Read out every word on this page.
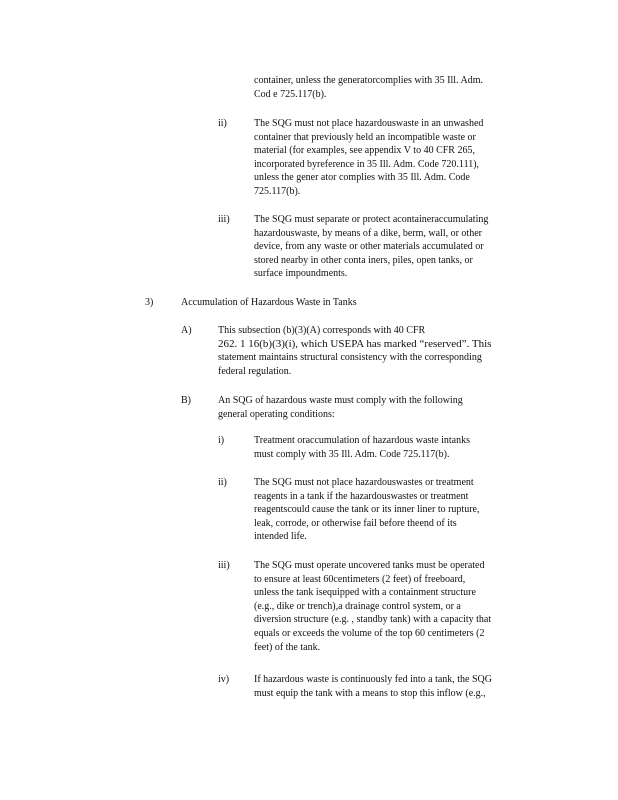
container, unless the generatorcomplies with 35 Ill. Adm.
Cod e 725.117(b).
ii)	The SQG must not place hazardouswaste in an unwashed
container that previously held an incompatible waste or
material (for examples, see appendix V to 40 CFR 265,
incorporated byreference in 35 Ill. Adm. Code 720.111),
unless the gener ator complies with 35 Ill. Adm. Code
725.117(b).
iii) The SQG must separate or protect acontaineraccumulating
hazardouswaste, by means of a dike, berm, wall, or other
device, from any waste or other materials accumulated or
stored nearby in other conta iners, piles, open tanks, or
surface impoundments.
3)	Accumulation of Hazardous Waste in Tanks
A)	This subsection (b)(3)(A) corresponds with 40 CFR
262. 1 16(b)(3)(i), which USEPA has marked “reserved”. This
statement maintains structural consistency with the corresponding
federal regulation.
B)	An SQG of hazardous waste must comply with the following
general operating conditions:
i)	Treatment oraccumulation of hazardous waste intanks
must comply with 35 Ill. Adm. Code 725.117(b).
ii)	The SQG must not place hazardouswastes or treatment
reagents in a tank if the hazardouswastes or treatment
reagentscould cause the tank or its inner liner to rupture,
leak, corrode, or otherwise fail before theend of its
intended life.
iii) The SQG must operate uncovered tanks must be operated
to ensure at least 60centimeters (2 feet) of freeboard,
unless the tank isequipped with a containment structure
(e.g., dike or trench),a drainage control system, or a
diversion structure (e.g. , standby tank) with a capacity that
equals or exceeds the volume of the top 60 centimeters (2
feet) of the tank.
iv) If hazardous waste is continuously fed into a tank, the SQG
must equip the tank with a means to stop this inflow (e.g.,
